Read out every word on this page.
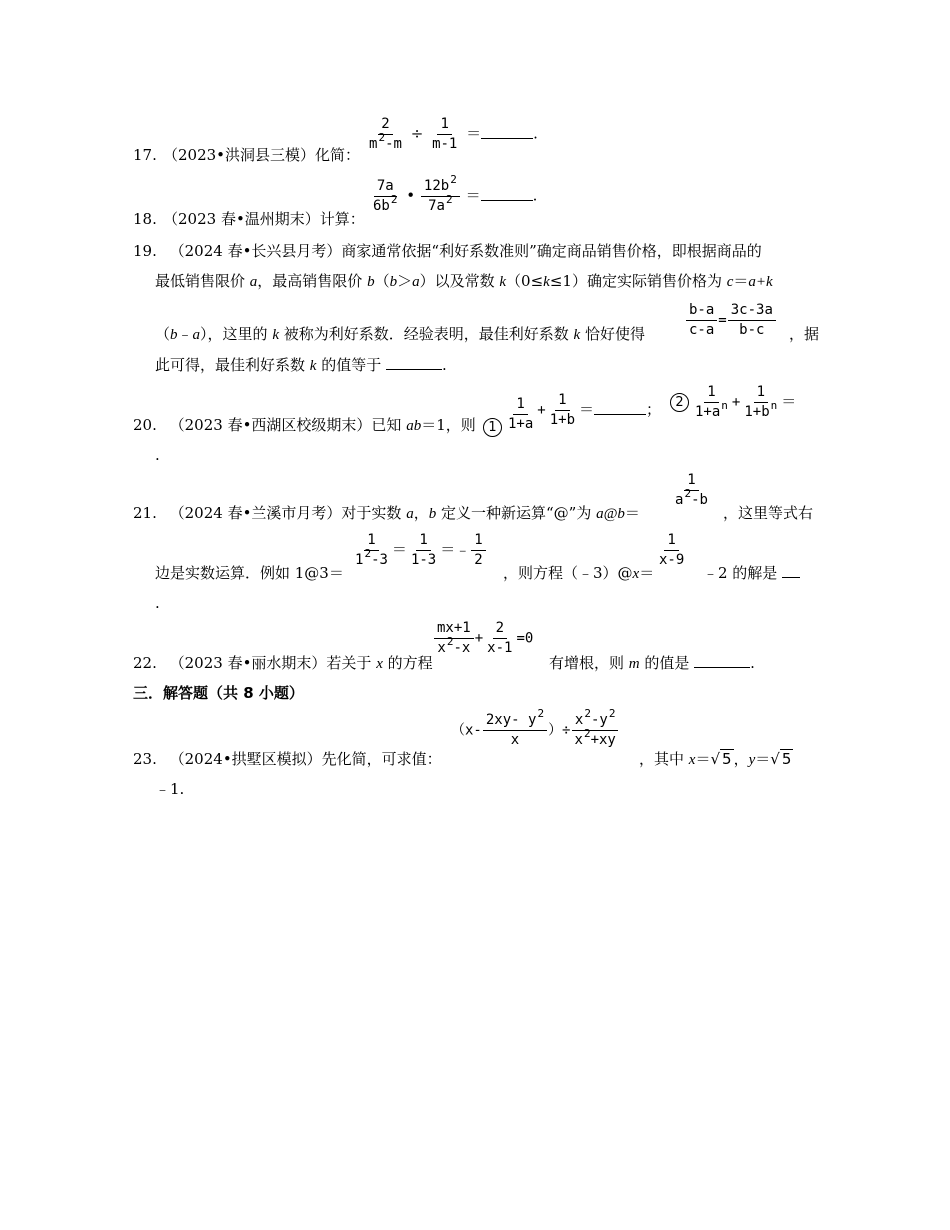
17. （2023•洪洞县三模）化简：
$\frac{2}{m^2-m} \div \frac{1}{m-1}$ ＝	.
18. （2023 春•温州期末）计算：
$\frac{7a}{6b^2}$ • $\frac{12b^2}{7a^2}$ ＝	.
19. （2024 春•长兴县月考）商家通常依据“利好系数准则”确定商品销售价格，即根据商品的
最低销售限价 a，最高销售限价 b（b＞a）以及常数 k（0≤k≤1）确定实际销售价格为 c＝a+k
（b﹣a），这里的 k 被称为利好系数．经验表明，最佳利好系数 k 恰好使得	$\frac{b-a}{c-a} = \frac{3c-3a}{b-c}$ ，据
此可得，最佳利好系数 k 的值等于	.
20. （2023 春•西湖区校级期末）已知 ab＝1，则 $1 \frac{1}{1+a} + \frac{1}{1+b}$ ＝	；	$2 \frac{1}{1+a^n} + \frac{1}{1+b^n}$ ＝
.
21. （2024 春•兰溪市月考）对于实数 a，b 定义一种新运算“@”为 a@b＝
$\frac{1}{a^2-b}$
，这里等式右
边是实数运算．例如 1@3＝
$\frac{1}{1^2-3} = \frac{1}{1-3}$ ＝﹣ $\frac{1}{2}$
，则方程（﹣3）@x＝
$\frac{1}{x-9}$
﹣2 的解是
.
22. （2023 春•丽水期末）若关于 x 的方程
$\frac{mx+1}{x^2-x} + \frac{2}{x-1} =0$
有增根，则 m 的值是	.
三．解答题（共 8 小题）
23. （2024•拱墅区模拟）先化简，可求值：
（$x- \frac{2xy- y^2}{x}$ ）÷ $\frac{x^2-y^2}{x^2+xy}$
，其中 x＝√ 5 ，y＝√ 5
﹣1.
